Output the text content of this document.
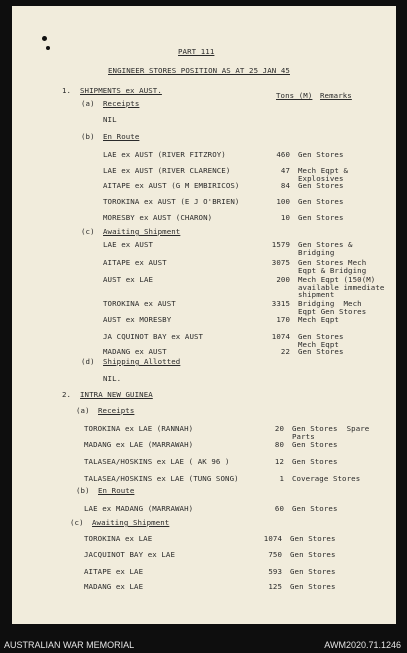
PART 111
ENGINEER STORES POSITION AS AT 25 JAN 45
1. SHIPMENTS ex AUST.
Tons (M) Remarks
(a) Receipts
NIL
(b) En Route
LAE ex AUST (RIVER FITZROY)	460 Gen Stores
LAE ex AUST (RIVER CLARENCE)	47 Mech Eqpt &
Explosives
AITAPE ex AUST (G M EMBIRICOS)	84 Gen Stores
TOROKINA ex AUST (E J O'BRIEN)	100 Gen Stores
MORESBY ex AUST (CHARON)	10 Gen Stores
(c) Awaiting Shipment
LAE ex AUST	1579 Gen Stores &
Bridging
AITAPE ex AUST	3075 Gen Stores Mech
Eqpt & Bridging
AUST ex LAE	200 Mech Eqpt (150(M)
available immediate
shipment
TOROKINA ex AUST	3315 Bridging  Mech
Eqpt Gen Stores
AUST ex MORESBY	170 Mech Eqpt
JA CQUINOT BAY ex AUST	1074 Gen Stores
Mech Eqpt
MADANG ex AUST	22 Gen Stores
(d) Shipping Allotted
NIL.
2. INTRA NEW GUINEA
(a) Receipts
TOROKINA ex LAE (RANNAH)	20 Gen Stores  Spare
Parts
MADANG ex LAE (MARRAWAH)	80 Gen Stores
TALASEA/HOSKINS ex LAE ( AK 96 )	12 Gen Stores
TALASEA/HOSKINS ex LAE (TUNG SONG)	1 Coverage Stores
(b) En Route
LAE ex MADANG (MARRAWAH)	60 Gen Stores
(c) Awaiting Shipment
TOROKINA ex LAE	1074 Gen Stores
JACQUINOT BAY ex LAE	750 Gen Stores
AITAPE ex LAE	593 Gen Stores
MADANG ex LAE	125 Gen Stores
AUSTRALIAN WAR MEMORIAL	AWM2020.71.1246
